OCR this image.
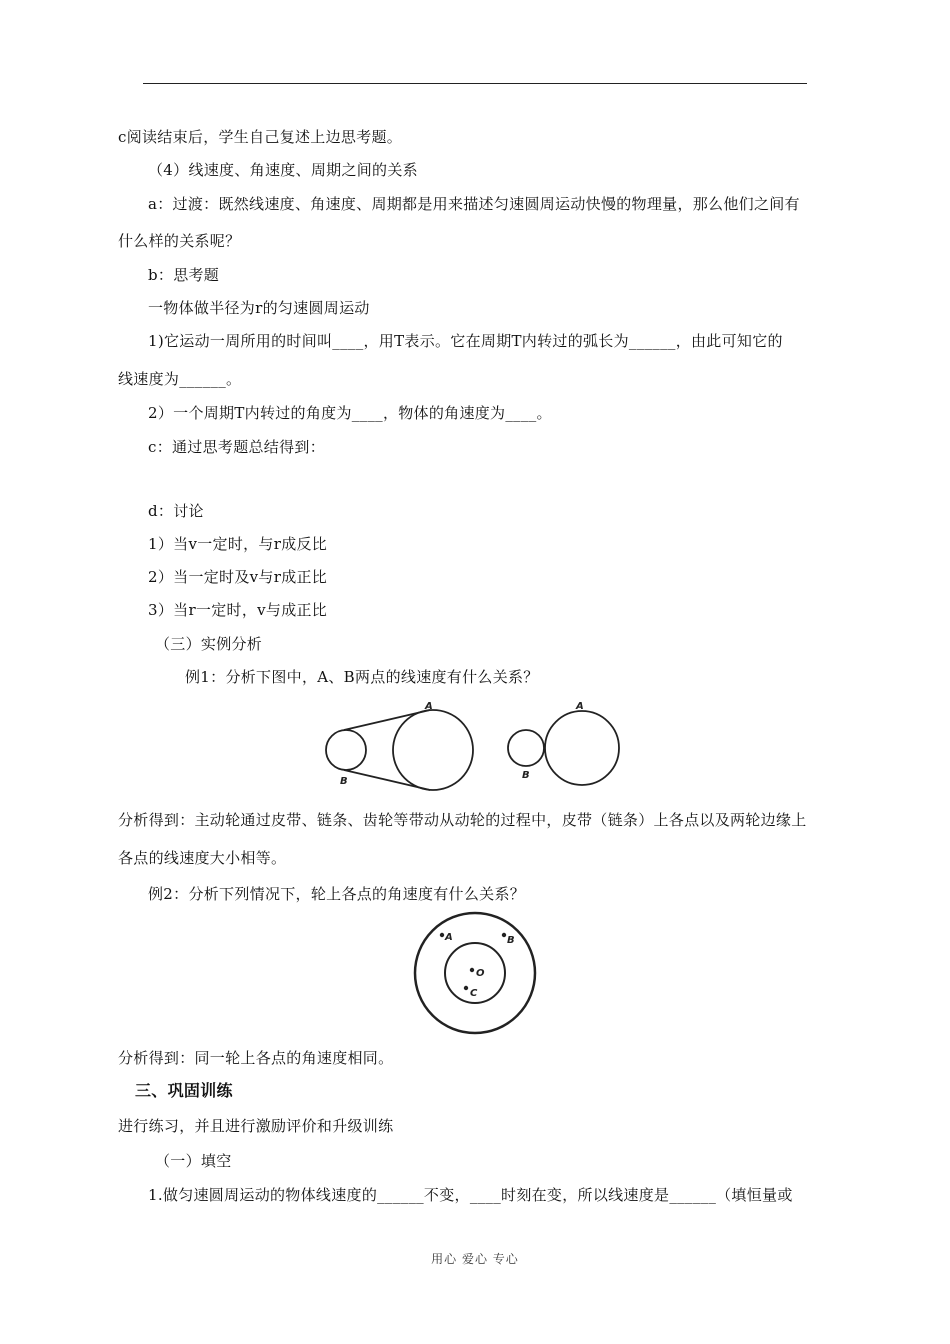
c阅读结束后，学生自己复述上边思考题。
（4）线速度、角速度、周期之间的关系
a：过渡：既然线速度、角速度、周期都是用来描述匀速圆周运动快慢的物理量，那么他们之间有
什么样的关系呢？
b：思考题
一物体做半径为r的匀速圆周运动
1)它运动一周所用的时间叫____，用T表示。它在周期T内转过的弧长为______，由此可知它的
线速度为______。
2）一个周期T内转过的角度为____，物体的角速度为____。
c：通过思考题总结得到：
d：讨论
1）当v一定时，与r成反比
2）当一定时及v与r成正比
3）当r一定时，v与成正比
（三）实例分析
例1：分析下图中，A、B两点的线速度有什么关系？
A
B
A
B
分析得到：主动轮通过皮带、链条、齿轮等带动从动轮的过程中，皮带（链条）上各点以及两轮边缘上
各点的线速度大小相等。
例2：分析下列情况下，轮上各点的角速度有什么关系？
A	B
O
C
分析得到：同一轮上各点的角速度相同。
三、巩固训练
进行练习，并且进行激励评价和升级训练
（一）填空
1.做匀速圆周运动的物体线速度的______不变，____时刻在变，所以线速度是______（填恒量或
用心 爱心 专心
